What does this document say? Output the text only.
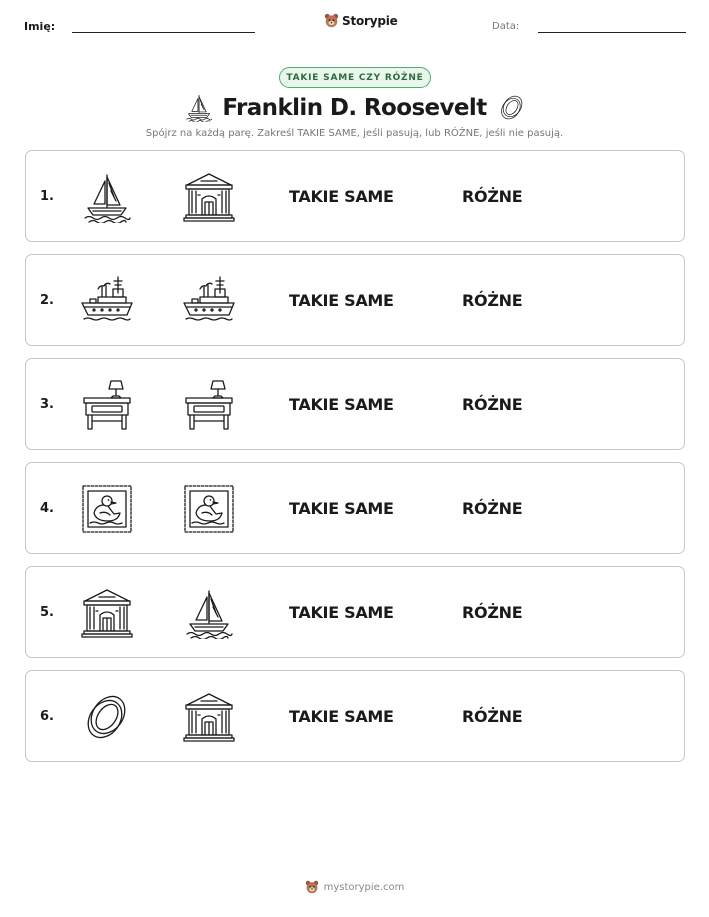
Imię:	Storypie	Data:
TAKIE SAME CZY RÓŻNE
Franklin D. Roosevelt
Spójrz na każdą parę. Zakreśl TAKIE SAME, jeśli pasują, lub RÓŻNE, jeśli nie pasują.
1.	TAKIE SAME	RÓŻNE
2.	TAKIE SAME	RÓŻNE
3.	TAKIE SAME	RÓŻNE
4.	TAKIE SAME	RÓŻNE
5.	TAKIE SAME	RÓŻNE
6.	TAKIE SAME	RÓŻNE
mystorypie.com
